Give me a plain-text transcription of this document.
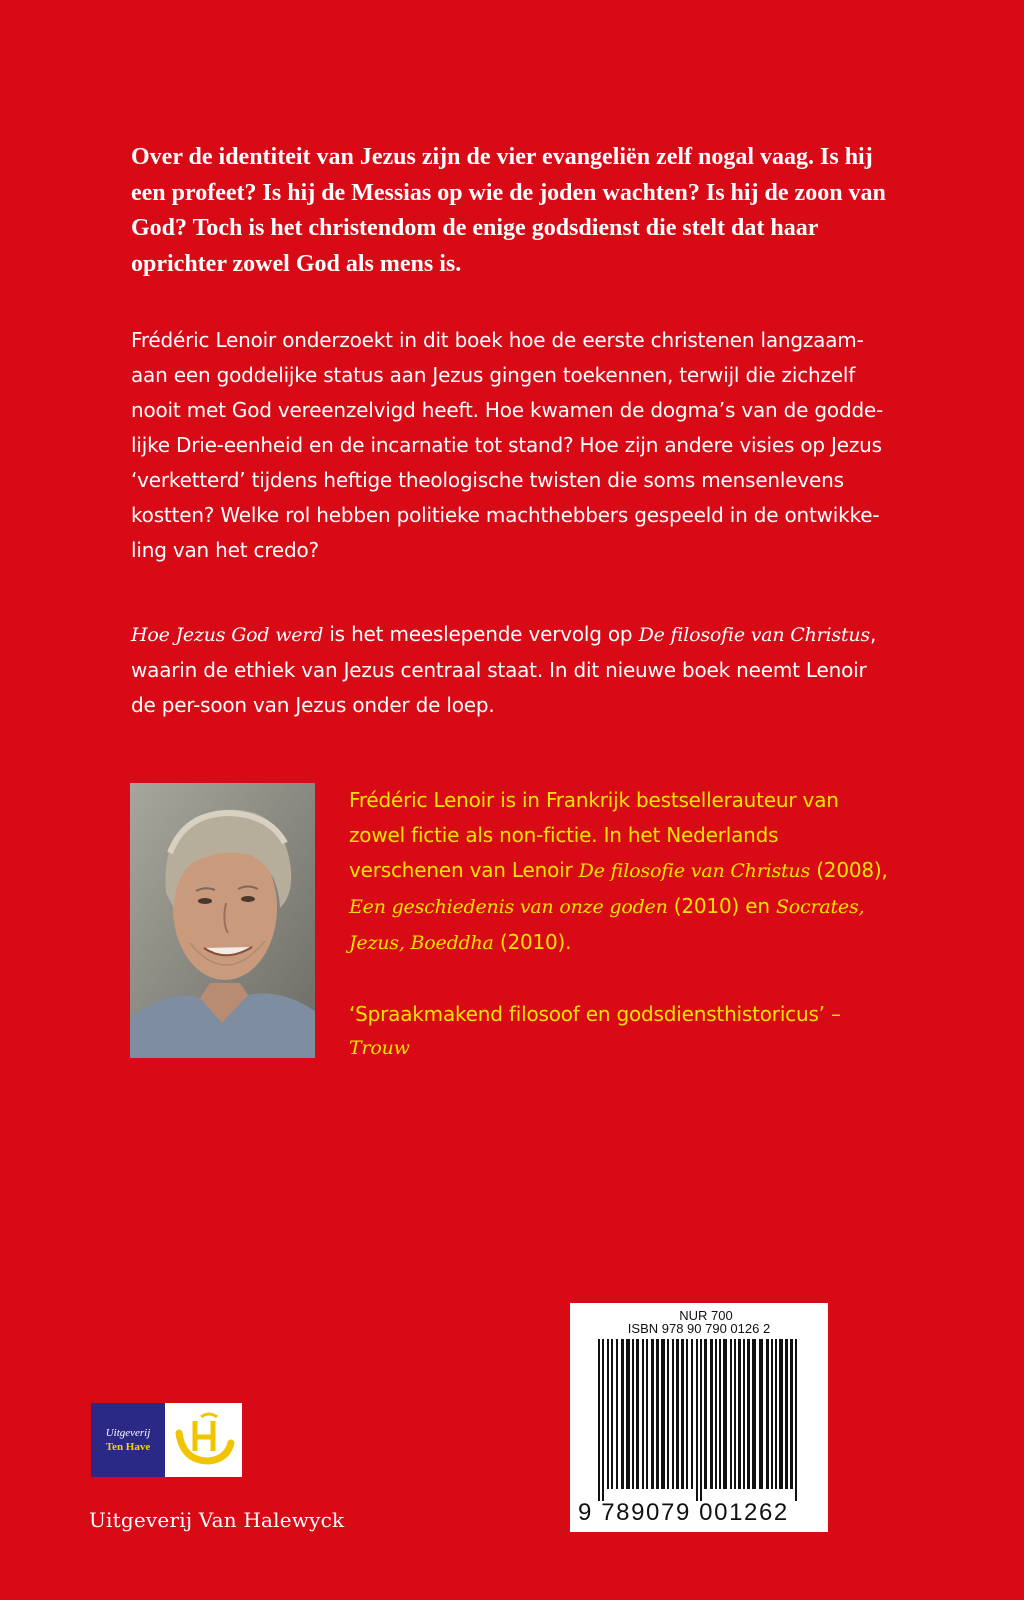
Over de identiteit van Jezus zijn de vier evangeliën zelf nogal vaag. Is hij een profeet? Is hij de Messias op wie de joden wachten? Is hij de zoon van God? Toch is het christendom de enige godsdienst die stelt dat haar oprichter zowel God als mens is.

Frédéric Lenoir onderzoekt in dit boek hoe de eerste christenen langzaam-aan een goddelijke status aan Jezus gingen toekennen, terwijl die zichzelf nooit met God vereenzelvigd heeft. Hoe kwamen de dogma’s van de godde-lijke Drie-eenheid en de incarnatie tot stand? Hoe zijn andere visies op Jezus ‘verketterd’ tijdens heftige theologische twisten die soms mensenlevens kostten? Welke rol hebben politieke machthebbers gespeeld in de ontwikke-ling van het credo?

Hoe Jezus God werd is het meeslepende vervolg op De filosofie van Christus, waarin de ethiek van Jezus centraal staat. In dit nieuwe boek neemt Lenoir de per-soon van Jezus onder de loep.

Frédéric Lenoir is in Frankrijk bestsellerauteur van zowel fictie als non-fictie. In het Nederlands verschenen van Lenoir De filosofie van Christus (2008), Een geschiedenis van onze goden (2010) en Socrates, Jezus, Boeddha (2010).

‘Spraakmakend filosoof en godsdiensthistoricus’ –
Trouw

NUR 700
ISBN 978 90 790 0126 2
9 789079 001262
Uitgeverij
Ten Have

Uitgeverij Van Halewyck
